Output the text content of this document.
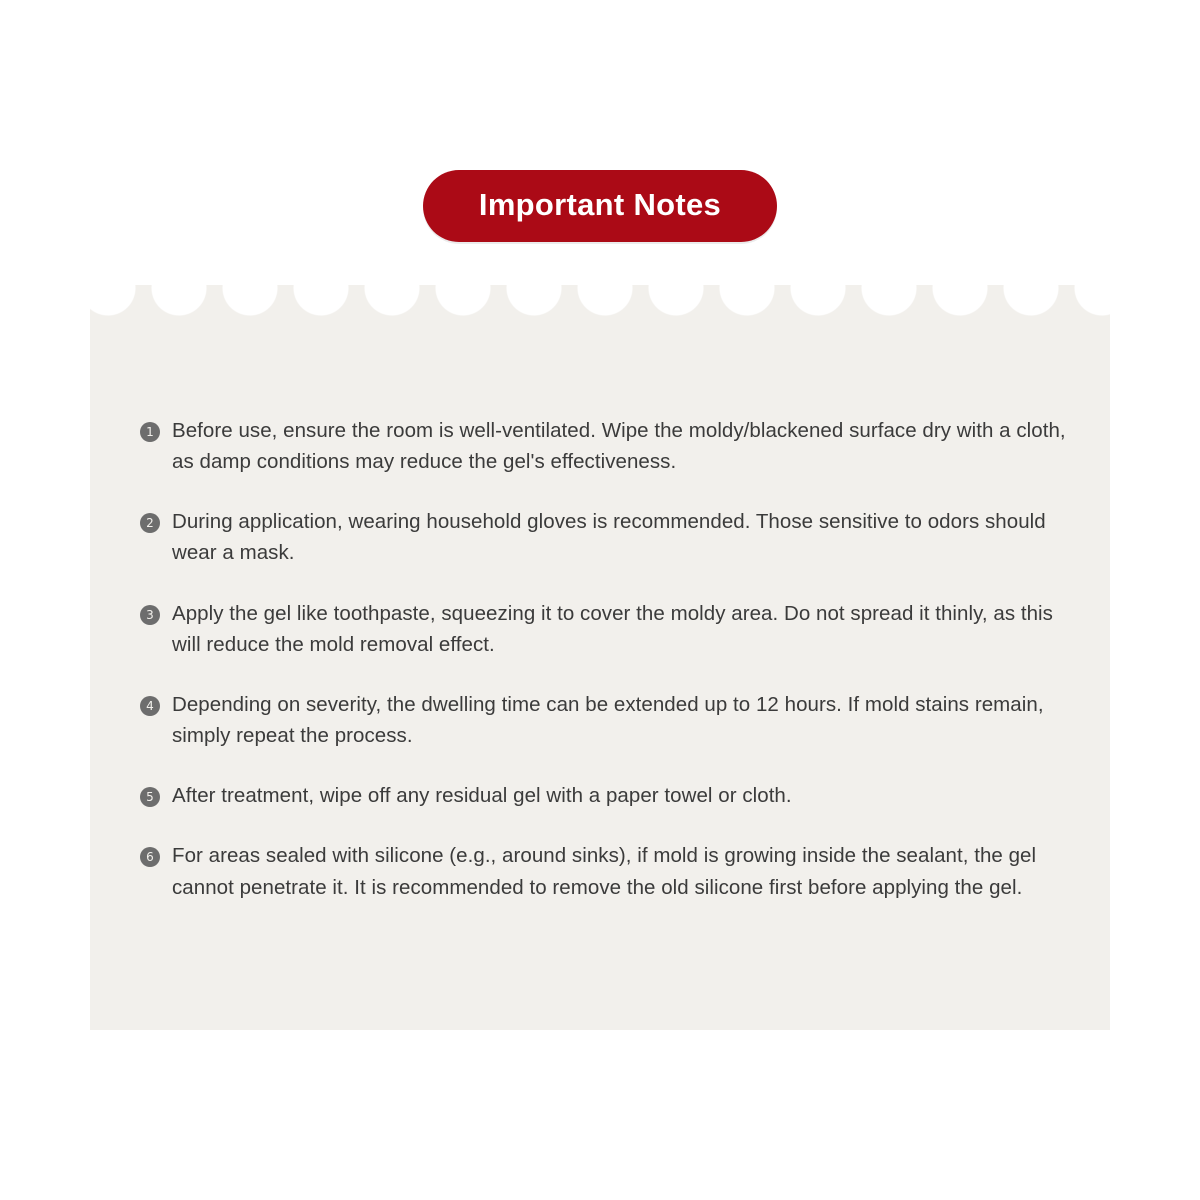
Important Notes
1 Before use, ensure the room is well-ventilated. Wipe the moldy/blackened surface dry with a cloth, as damp conditions may reduce the gel's effectiveness.
2 During application, wearing household gloves is recommended. Those sensitive to odors should wear a mask.
3 Apply the gel like toothpaste, squeezing it to cover the moldy area. Do not spread it thinly, as this will reduce the mold removal effect.
4 Depending on severity, the dwelling time can be extended up to 12 hours. If mold stains remain, simply repeat the process.
5 After treatment, wipe off any residual gel with a paper towel or cloth.
6 For areas sealed with silicone (e.g., around sinks), if mold is growing inside the sealant, the gel cannot penetrate it. It is recommended to remove the old silicone first before applying the gel.
